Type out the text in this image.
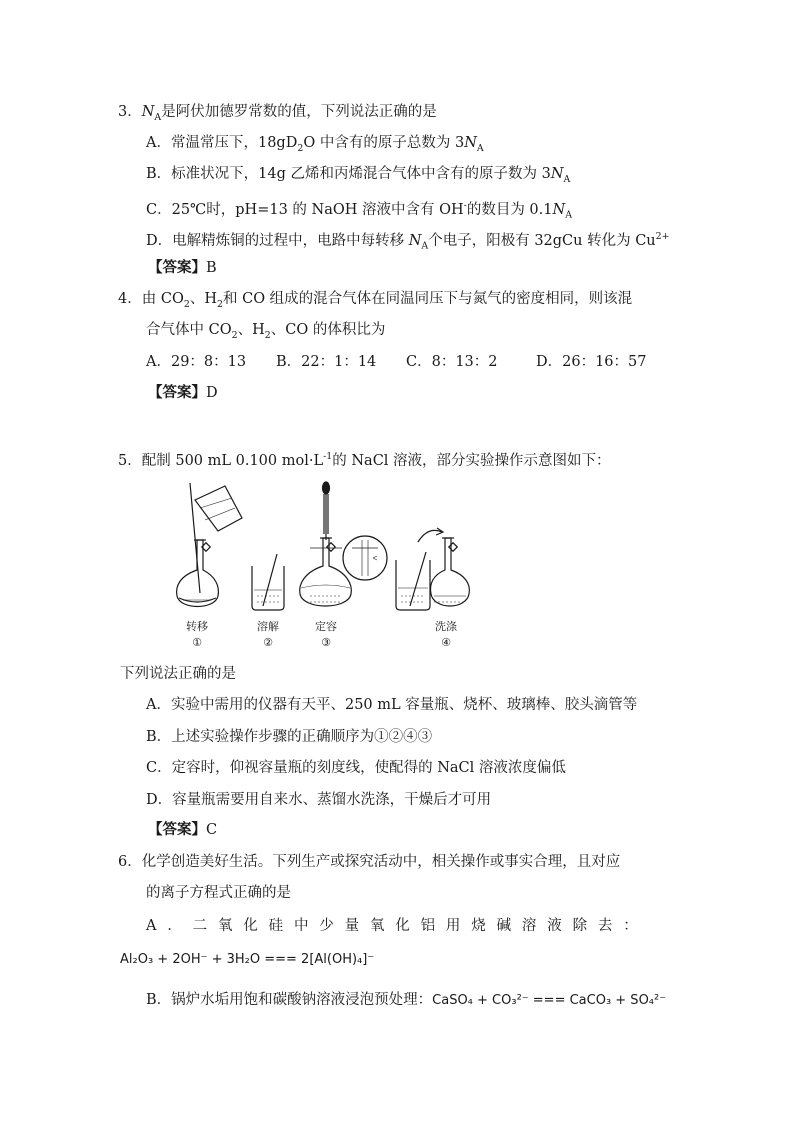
3．$N_A$是阿伏加德罗常数的值，下列说法正确的是
A．常温常压下，$18gD_2O$ 中含有的原子总数为 $3N_A$
B．标准状况下，14g 乙烯和丙烯混合气体中含有的原子数为 $3N_A$
C．25℃时，pH=13 的 NaOH 溶液中含有 OH-的数目为 $0.1N_A$
D．电解精炼铜的过程中，电路中每转移 $N_A$个电子，阳极有 32gCu 转化为 $Cu^{2+}$
【答案】B
4．由 $CO_2$、$H_2$和 CO 组成的混合气体在同温同压下与氮气的密度相同，则该混
合气体中 $CO_2$、$H_2$、CO 的体积比为
A．29：8：13 B．22：1：14 C．8：13：2	D．26：16：57
【答案】D
5．配制 500 mL 0.100 $mol\cdot L^{-1}$的 NaCl 溶液，部分实验操作示意图如下：
转移
①
溶解
②
定容
③
洗涤
④
下列说法正确的是
A．实验中需用的仪器有天平、250 mL 容量瓶、烧杯、玻璃棒、胶头滴管等
B．上述实验操作步骤的正确顺序为①②④③
C．定容时，仰视容量瓶的刻度线，使配得的 NaCl 溶液浓度偏低
D．容量瓶需要用自来水、蒸馏水洗涤，干燥后才可用
【答案】C
6．化学创造美好生活。下列生产或探究活动中，相关操作或事实合理，且对应
的离子方程式正确的是
A ． 二 氧 化 硅 中 少 量 氧 化 铝 用 烧 碱 溶 液 除 去 ：
Al₂O₃ + 2OH⁻ + 3H₂O === 2[Al(OH)₄]⁻
B．锅炉水垢用饱和碳酸钠溶液浸泡预处理：CaSO₄ + CO₃²⁻ === CaCO₃ + SO₄²⁻
